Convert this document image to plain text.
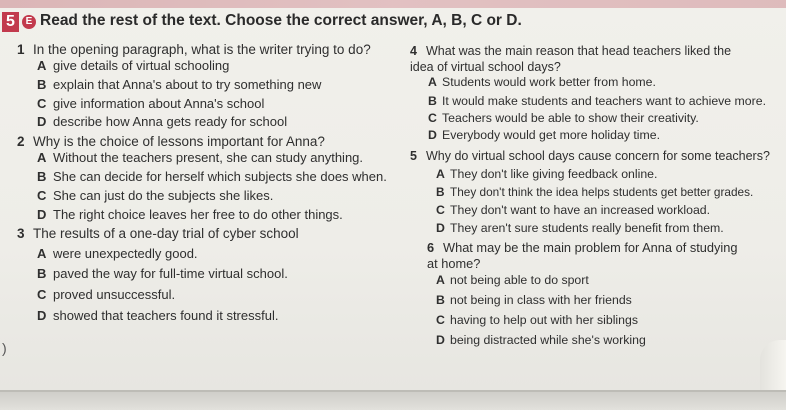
5	E Read the rest of the text. Choose the correct answer, A, B, C or D.
1 In the opening paragraph, what is the writer trying to do?
A give details of virtual schooling
B explain that Anna's about to try something new
C give information about Anna's school
D describe how Anna gets ready for school
2 Why is the choice of lessons important for Anna?
A Without the teachers present, she can study anything.
B She can decide for herself which subjects she does when.
C She can just do the subjects she likes.
D The right choice leaves her free to do other things.
3 The results of a one-day trial of cyber school
A were unexpectedly good.
B paved the way for full-time virtual school.
C proved unsuccessful.
D showed that teachers found it stressful.
4 What was the main reason that head teachers liked the idea of virtual school days?
A Students would work better from home.
B It would make students and teachers want to achieve more.
C Teachers would be able to show their creativity.
D Everybody would get more holiday time.
5 Why do virtual school days cause concern for some teachers?
A They don't like giving feedback online.
B They don't think the idea helps students get better grades.
C They don't want to have an increased workload.
D They aren't sure students really benefit from them.
6 What may be the main problem for Anna of studying at home?
A not being able to do sport
B not being in class with her friends
C having to help out with her siblings
D being distracted while she's working
)
